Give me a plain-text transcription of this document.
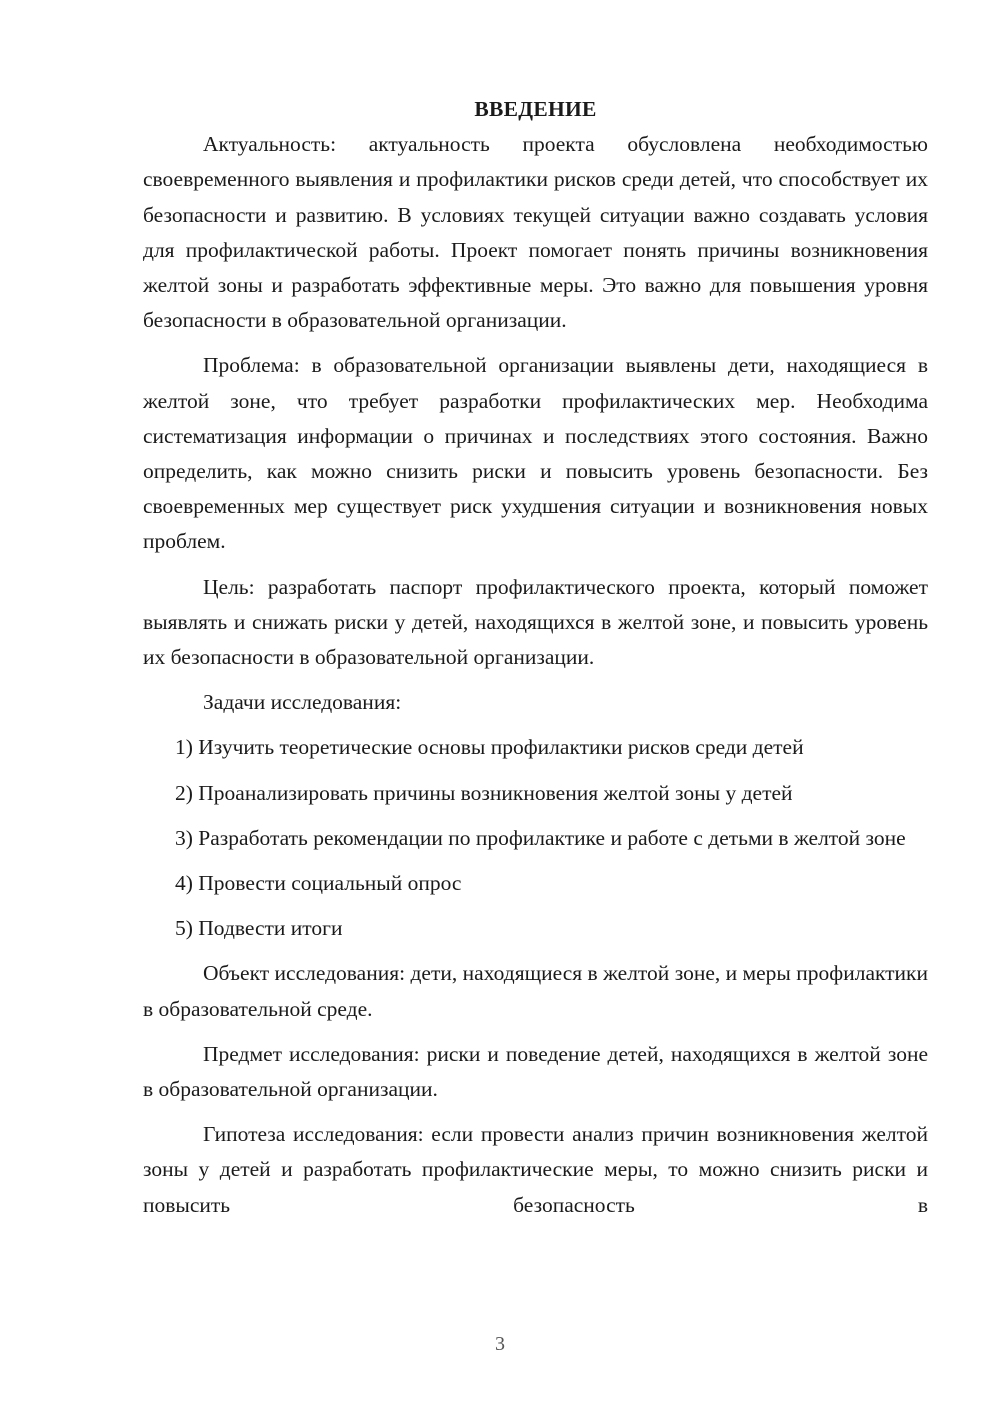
ВВЕДЕНИЕ

Актуальность: актуальность проекта обусловлена необходимостью своевременного выявления и профилактики рисков среди детей, что способствует их безопасности и развитию. В условиях текущей ситуации важно создавать условия для профилактической работы. Проект помогает понять причины возникновения желтой зоны и разработать эффективные меры. Это важно для повышения уровня безопасности в образовательной организации.

Проблема: в образовательной организации выявлены дети, находящиеся в желтой зоне, что требует разработки профилактических мер. Необходима систематизация информации о причинах и последствиях этого состояния. Важно определить, как можно снизить риски и повысить уровень безопасности. Без своевременных мер существует риск ухудшения ситуации и возникновения новых проблем.

Цель: разработать паспорт профилактического проекта, который поможет выявлять и снижать риски у детей, находящихся в желтой зоне, и повысить уровень их безопасности в образовательной организации.

Задачи исследования:

1) Изучить теоретические основы профилактики рисков среди детей

2) Проанализировать причины возникновения желтой зоны у детей

3) Разработать рекомендации по профилактике и работе с детьми в желтой зоне

4) Провести социальный опрос

5) Подвести итоги

Объект исследования: дети, находящиеся в желтой зоне, и меры профилактики в образовательной среде.

Предмет исследования: риски и поведение детей, находящихся в желтой зоне в образовательной организации.

Гипотеза исследования: если провести анализ причин возникновения желтой зоны у детей и разработать профилактические меры, то можно снизить риски и повысить безопасность в

3
